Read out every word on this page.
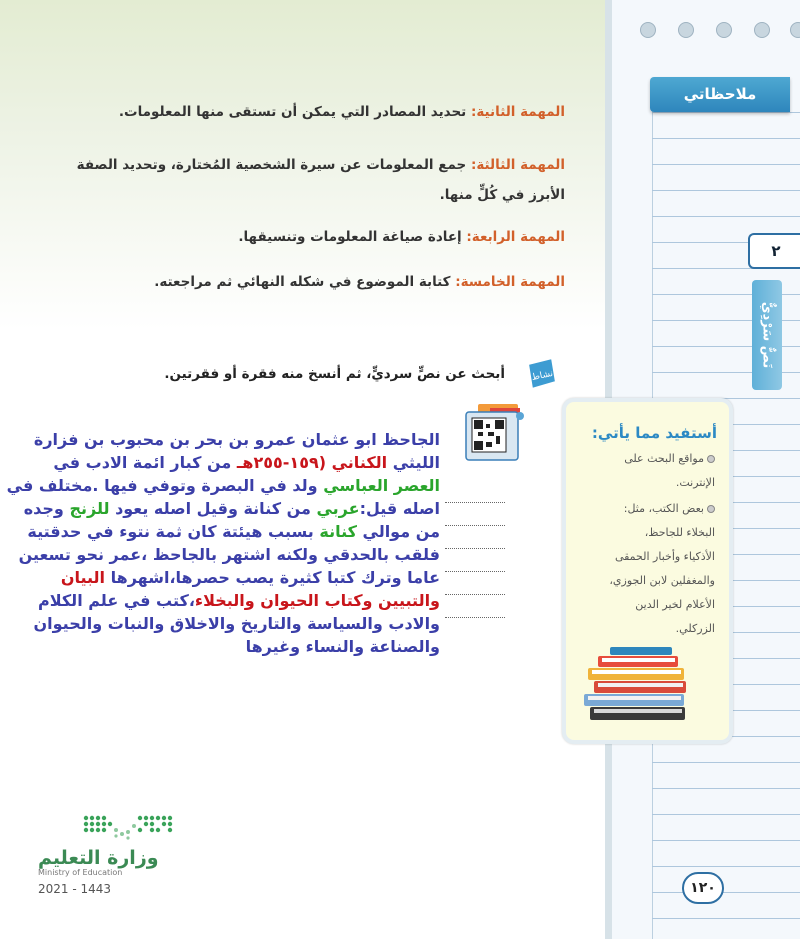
ملاحظاتي
٢
نَصٌّ سَرْدِيٌّ
المهمة الثانية: تحديد المصادر التي يمكن أن تستقى منها المعلومات.
المهمة الثالثة: جمع المعلومات عن سيرة الشخصية المُختارة، وتحديد الصفة
الأبرز في كُلٍّ منها.
المهمة الرابعة: إعادة صياغة المعلومات وتنسيقها.
المهمة الخامسة: كتابة الموضوع في شكله النهائي ثم مراجعته.
نشاط
أبحث عن نصٍّ سرديٍّ، ثم أنسخ منه فقرة أو فقرتين.
الجاحظ ابو عثمان عمرو بن بحر بن محبوب بن فزارة
الليثي الكناني (١٥٩-٢٥٥هـ من كبار ائمة الادب في
العصر العباسي ولد في البصرة وتوفي فيها .مختلف في
اصله قيل:عربي من كنانة وقيل اصله يعود للزنج وجده
من موالي كنانة بسبب هيئتة كان ثمة نتوء في حدقتية
فلقب بالحدقي ولكنه اشتهر بالجاحظ ،عمر نحو تسعين
عاما وترك كتبا كثيرة يصب حصرها،اشهرها البيان
والتبيين وكتاب الحيوان والبخلاء،كتب في علم الكلام
والادب والسياسة والتاريخ والاخلاق والنبات والحيوان
والصناعة والنساء وغيرها
أستفيد مما يأتي:
مواقع البحث على
الإنترنت.
بعض الكتب، مثل:
البخلاء للجاحظ،
الأذكياء وأخبار الحمقى
والمغفلين لابن الجوزي،
الأعلام لخير الدين
الزركلي.
وزارة التعليم
Ministry of Education
2021 - 1443	١٢٠
